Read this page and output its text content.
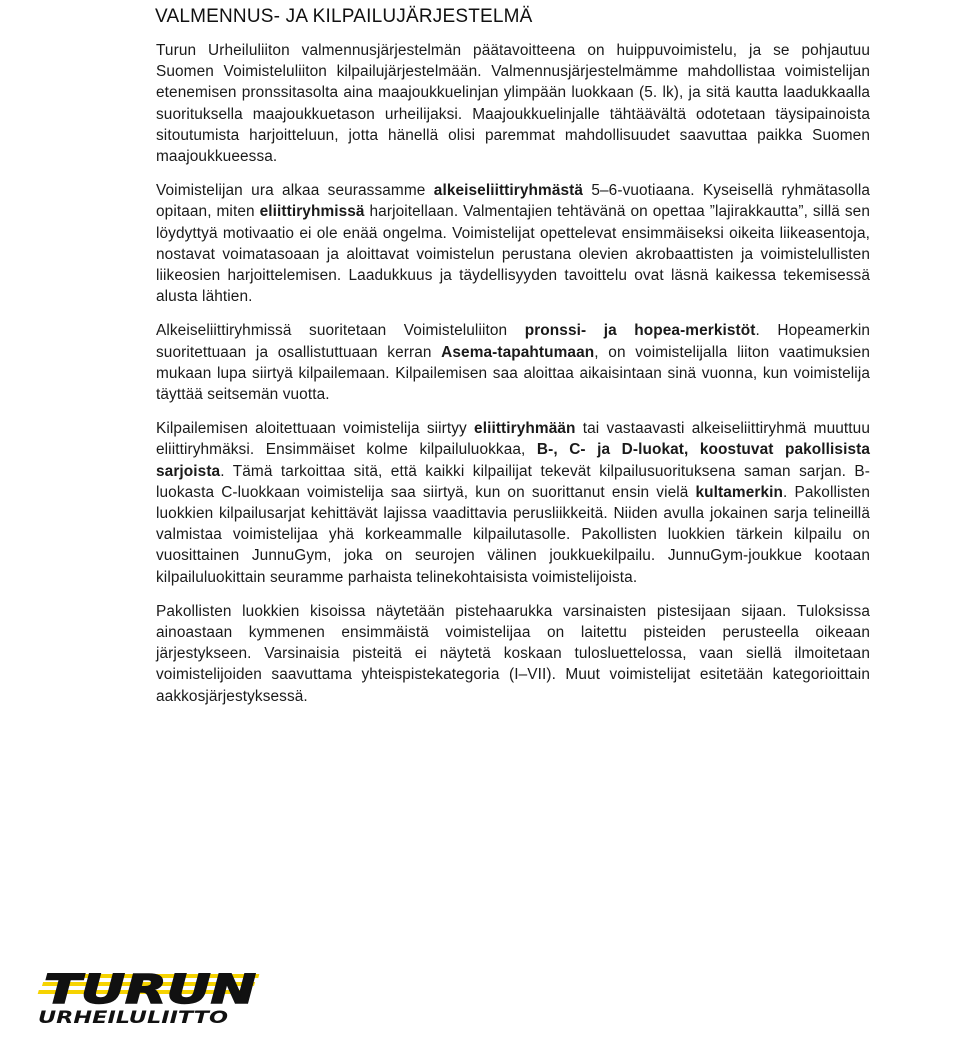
VALMENNUS- JA KILPAILUJÄRJESTELMÄ

Turun Urheiluliiton valmennusjärjestelmän päätavoitteena on huippuvoimistelu, ja se pohjautuu Suomen Voimisteluliiton kilpailujärjestelmään. Valmennusjärjestelmämme mahdollistaa voimistelijan etenemisen pronssitasolta aina maajoukkuelinjan ylimpään luokkaan (5. lk), ja sitä kautta laadukkaalla suorituksella maajoukkuetason urheilijaksi. Maajoukkuelinjalle tähtäävältä odotetaan täysipainoista sitoutumista harjoitteluun, jotta hänellä olisi paremmat mahdollisuudet saavuttaa paikka Suomen maajoukkueessa.

Voimistelijan ura alkaa seurassamme alkeiseliittiryhmästä 5–6-vuotiaana. Kyseisellä ryhmätasolla opitaan, miten eliittiryhmissä harjoitellaan. Valmentajien tehtävänä on opettaa ”lajirakkautta”, sillä sen löydyttyä motivaatio ei ole enää ongelma. Voimistelijat opettelevat ensimmäiseksi oikeita liikeasentoja, nostavat voimatasoaan ja aloittavat voimistelun perustana olevien akrobaattisten ja voimistelullisten liikeosien harjoittelemisen. Laadukkuus ja täydellisyyden tavoittelu ovat läsnä kaikessa tekemisessä alusta lähtien.

Alkeiseliittiryhmissä suoritetaan Voimisteluliiton pronssi- ja hopea-merkistöt. Hopeamerkin suoritettuaan ja osallistuttuaan kerran Asema-tapahtumaan, on voimistelijalla liiton vaatimuksien mukaan lupa siirtyä kilpailemaan. Kilpailemisen saa aloittaa aikaisintaan sinä vuonna, kun voimistelija täyttää seitsemän vuotta.

Kilpailemisen aloitettuaan voimistelija siirtyy eliittiryhmään tai vastaavasti alkeiseliittiryhmä muuttuu eliittiryhmäksi. Ensimmäiset kolme kilpailuluokkaa, B-, C- ja D-luokat, koostuvat pakollisista sarjoista. Tämä tarkoittaa sitä, että kaikki kilpailijat tekevät kilpailusuorituksena saman sarjan. B-luokasta C-luokkaan voimistelija saa siirtyä, kun on suorittanut ensin vielä kultamerkin. Pakollisten luokkien kilpailusarjat kehittävät lajissa vaadittavia perusliikkeitä. Niiden avulla jokainen sarja telineillä valmistaa voimistelijaa yhä korkeammalle kilpailutasolle. Pakollisten luokkien tärkein kilpailu on vuosittainen JunnuGym, joka on seurojen välinen joukkuekilpailu. JunnuGym-joukkue kootaan kilpailuluokittain seuramme parhaista telinekohtaisista voimistelijoista.

Pakollisten luokkien kisoissa näytetään pistehaarukka varsinaisten pistesijaan sijaan. Tuloksissa ainoastaan kymmenen ensimmäistä voimistelijaa on laitettu pisteiden perusteella oikeaan järjestykseen. Varsinaisia pisteitä ei näytetä koskaan tulosluettelossa, vaan siellä ilmoitetaan voimistelijoiden saavuttama yhteispistekategoria (I–VII). Muut voimistelijat esitetään kategorioittain aakkosjärjestyksessä.

TURUN
URHEILULIITTO
